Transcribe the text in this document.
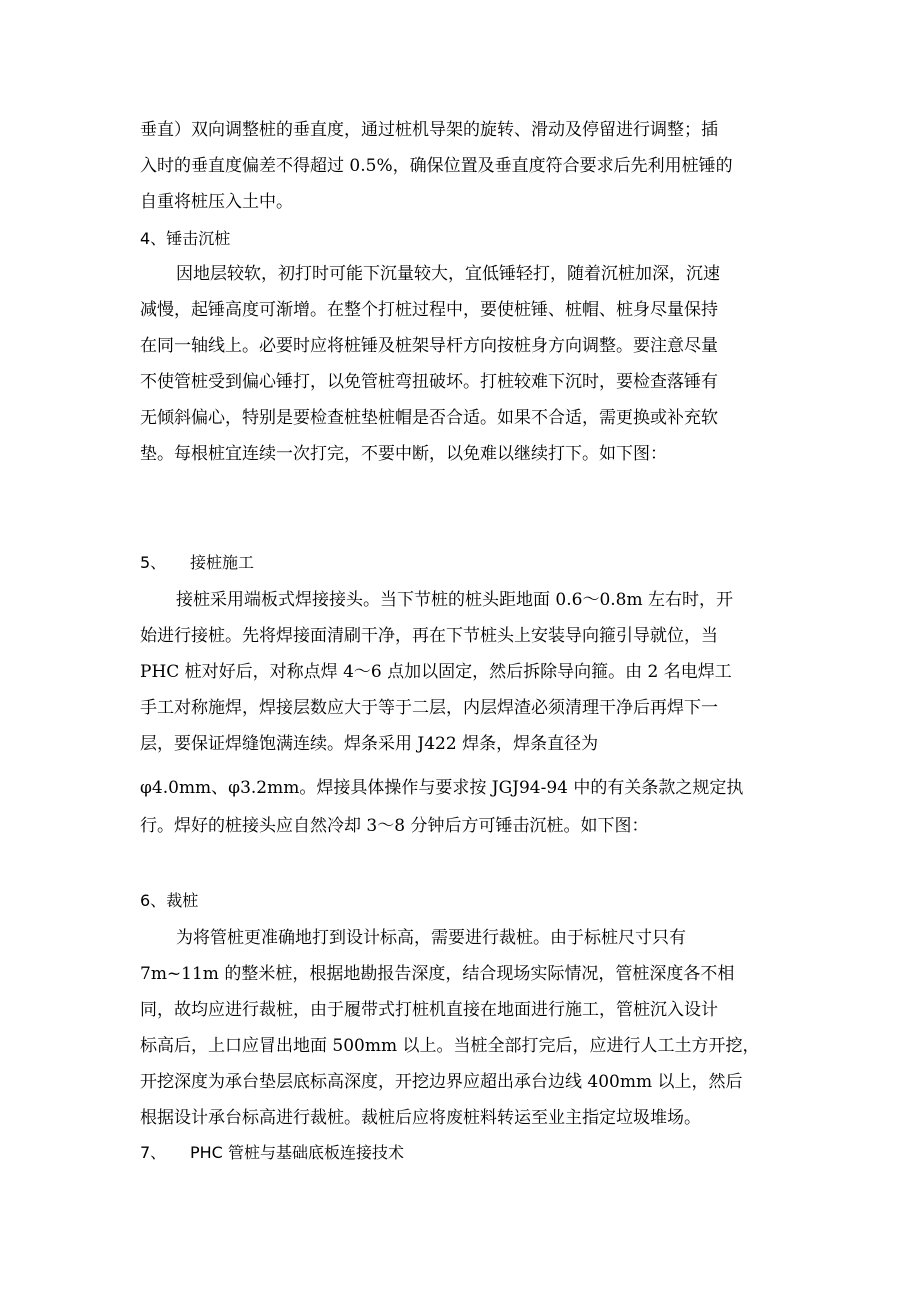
垂直）双向调整桩的垂直度，通过桩机导架的旋转、滑动及停留进行调整；插
入时的垂直度偏差不得超过 0.5%，确保位置及垂直度符合要求后先利用桩锤的
自重将桩压入土中。
4、锤击沉桩
因地层较软，初打时可能下沉量较大，宜低锤轻打，随着沉桩加深，沉速
减慢，起锤高度可渐增。在整个打桩过程中，要使桩锤、桩帽、桩身尽量保持
在同一轴线上。必要时应将桩锤及桩架导杆方向按桩身方向调整。要注意尽量
不使管桩受到偏心锤打，以免管桩弯扭破坏。打桩较难下沉时，要检查落锤有
无倾斜偏心，特别是要检查桩垫桩帽是否合适。如果不合适，需更换或补充软
垫。每根桩宜连续一次打完，不要中断，以免难以继续打下。如下图：
5、 接桩施工
接桩采用端板式焊接接头。当下节桩的桩头距地面 0.6～0.8m 左右时，开
始进行接桩。先将焊接面清刷干净，再在下节桩头上安装导向箍引导就位，当
PHC 桩对好后，对称点焊 4～6 点加以固定，然后拆除导向箍。由 2 名电焊工
手工对称施焊，焊接层数应大于等于二层，内层焊渣必须清理干净后再焊下一
层，要保证焊缝饱满连续。焊条采用 J422 焊条，焊条直径为
φ4.0mm、φ3.2mm。焊接具体操作与要求按 JGJ94-94 中的有关条款之规定执
行。焊好的桩接头应自然冷却 3～8 分钟后方可锤击沉桩。如下图：
6、裁桩
为将管桩更准确地打到设计标高，需要进行裁桩。由于标桩尺寸只有
7m~11m 的整米桩，根据地勘报告深度，结合现场实际情况，管桩深度各不相
同，故均应进行裁桩，由于履带式打桩机直接在地面进行施工，管桩沉入设计
标高后，上口应冒出地面 500mm 以上。当桩全部打完后，应进行人工土方开挖，
开挖深度为承台垫层底标高深度，开挖边界应超出承台边线 400mm 以上，然后
根据设计承台标高进行裁桩。裁桩后应将废桩料转运至业主指定垃圾堆场。
7、 PHC 管桩与基础底板连接技术
